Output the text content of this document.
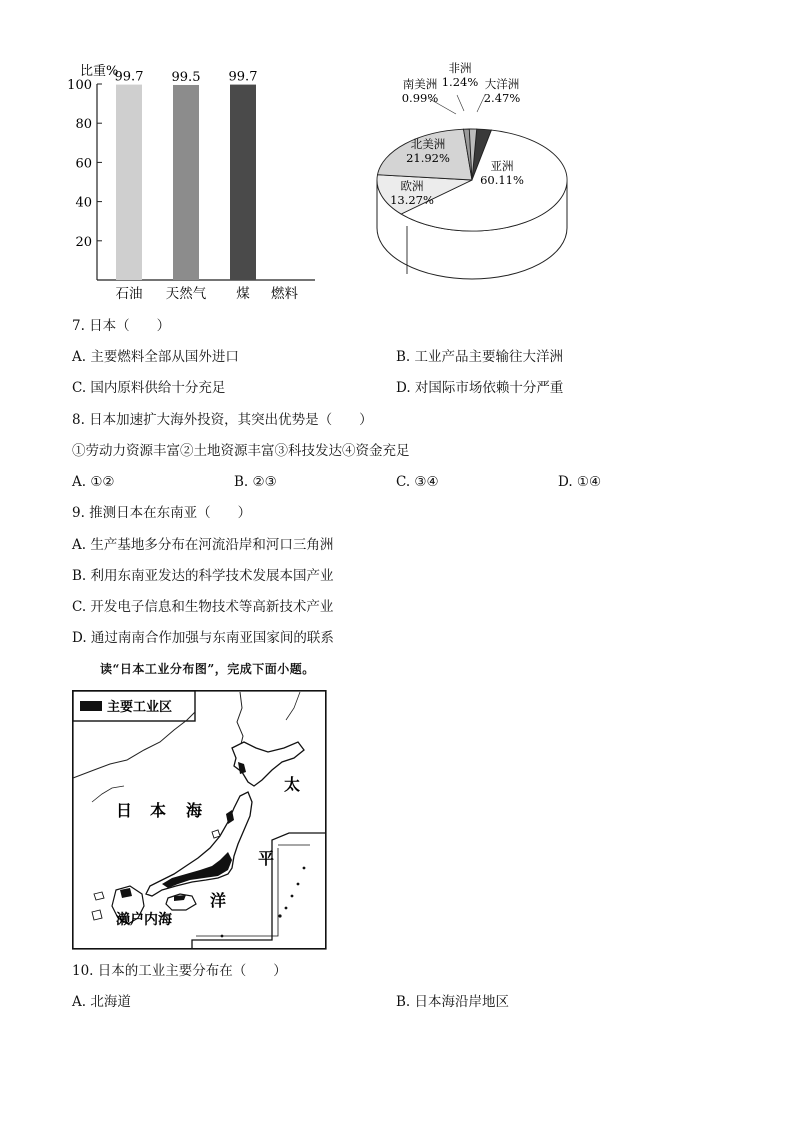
比重%
100
80
60
40
20
99.7
石油
99.5
天然气
99.7
煤 燃料
亚洲
60.11%
北美洲
21.92%
欧洲
13.27%
南美洲
0.99%
非洲
1.24% 大洋洲
2.47%
7. 日本（　　）
A. 主要燃料全部从国外进口	B. 工业产品主要输往大洋洲
C. 国内原料供给十分充足	D. 对国际市场依赖十分严重
8. 日本加速扩大海外投资，其突出优势是（　　）
①劳动力资源丰富②土地资源丰富③科技发达④资金充足
A. ①②	B. ②③	C. ③④	D. ①④
9. 推测日本在东南亚（　　）
A. 生产基地多分布在河流沿岸和河口三角洲
B. 利用东南亚发达的科学技术发展本国产业
C. 开发电子信息和生物技术等高新技术产业
D. 通过南南合作加强与东南亚国家间的联系
读“日本工业分布图”，完成下面小题。
主要工业区
日 本 海
太
平
洋
濑户内海
10. 日本的工业主要分布在（　　）
A. 北海道	B. 日本海沿岸地区
